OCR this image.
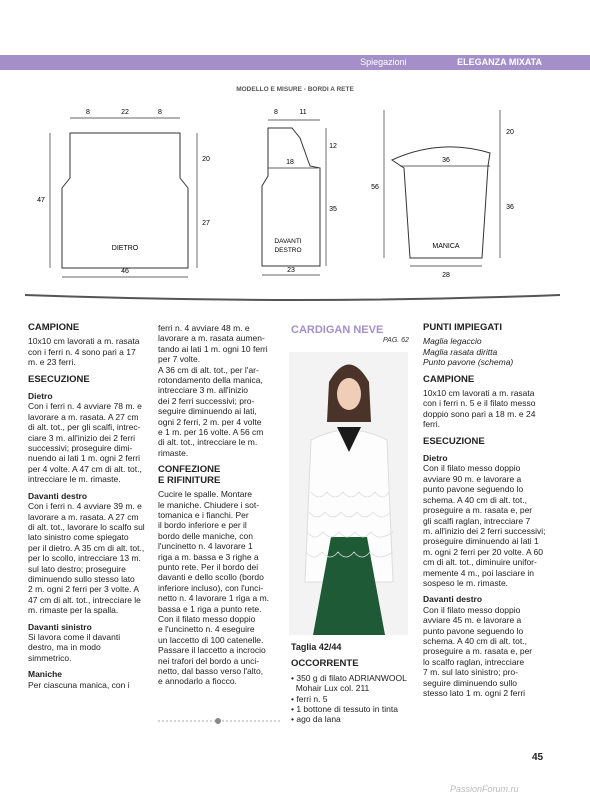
Spiegazioni	ELEGANZA MIXATA
MODELLO E MISURE - BORDI A RETE
8	22	8
47
20
27
DIETRO
46
8	11
18
12
35
DAVANTI
DESTRO
23
36
56
20
36
MANICA
28

CAMPIONE

10x10 cm lavorati a m. rasata
con i ferri n. 4 sono pari a 17
m. e 23 ferri.

ESECUZIONE

Dietro

Con i ferri n. 4 avviare 78 m. e
lavorare a m. rasata. A 27 cm
di alt. tot., per gli scalfi, intrec-
ciare 3 m. all'inizio dei 2 ferri
successivi; proseguire dimi-
nuendo ai lati 1 m. ogni 2 ferri
per 4 volte. A 47 cm di alt. tot.,
intrecciare le m. rimaste.

Davanti destro

Con i ferri n. 4 avviare 39 m. e
lavorare a m. rasata. A 27 cm
di alt. tot., lavorare lo scalfo sul
lato sinistro come spiegato
per il dietro. A 35 cm di alt. tot.,
per lo scollo, intrecciare 13 m.
sul lato destro; proseguire
diminuendo sullo stesso lato
2 m. ogni 2 ferri per 3 volte. A
47 cm di alt. tot., intrecciare le
m. rimaste per la spalla.

Davanti sinistro

Si lavora come il davanti
destro, ma in modo
simmetrico.

Maniche

Per ciascuna manica, con i
ferri n. 4 avviare 48 m. e
lavorare a m. rasata aumen-
tando ai lati 1 m. ogni 10 ferri
per 7 volte.
A 36 cm di alt. tot., per l'ar-
rotondamento della manica,
intrecciare 3 m. all'inizio
dei 2 ferri successivi; pro-
seguire diminuendo ai lati,
ogni 2 ferri, 2 m. per 4 volte
e 1 m. per 16 volte. A 56 cm
di alt. tot., intrecciare le m.
rimaste.

CONFEZIONE

E RIFINITURE

Cucire le spalle. Montare
le maniche. Chiudere i sot-
tomanica e i fianchi. Per
il bordo inferiore e per il
bordo delle maniche, con
l'uncinetto n. 4 lavorare 1
riga a m. bassa e 3 righe a
punto rete. Per il bordo dei
davanti e dello scollo (bordo
inferiore incluso), con l'unci-
netto n. 4 lavorare 1 riga a m.
bassa e 1 riga a punto rete.
Con il filato messo doppio
e l'uncinetto n. 4 eseguire
un laccetto di 100 catenelle.
Passare il laccetto a incrocio
nei trafori del bordo a unci-
netto, dal basso verso l'alto,
e annodarlo a fiocco.
CARDIGAN NEVE
PAG. 62

Taglia 42/44

OCCORRENTE

• 350 g di filato ADRIANWOOL
Mohair Lux col. 211
• ferri n. 5
• 1 bottone di tessuto in tinta
• ago da lana

PUNTI IMPIEGATI

Maglia legaccio
Maglia rasata diritta
Punto pavone (schema)

CAMPIONE

10x10 cm lavorati a m. rasata
con i ferri n. 5 e il filato messo
doppio sono pari a 18 m. e 24
ferri.

ESECUZIONE

Dietro

Con il filato messo doppio
avviare 90 m. e lavorare a
punto pavone seguendo lo
schema. A 40 cm di alt. tot.,
proseguire a m. rasata e, per
gli scalfi raglan, intrecciare 7
m. all'inizio dei 2 ferri successivi;
proseguire diminuendo ai lati 1
m. ogni 2 ferri per 20 volte. A 60
cm di alt. tot., diminuire unifor-
memente 4 m., poi lasciare in
sospeso le m. rimaste.

Davanti destro

Con il filato messo doppio
avviare 45 m. e lavorare a
punto pavone seguendo lo
schema. A 40 cm di alt. tot.,
proseguire a m. rasata e, per
lo scalfo raglan, intrecciare
7 m. sul lato sinistro; pro-
seguire diminuendo sullo
stesso lato 1 m. ogni 2 ferri
45
PassionForum.ru
